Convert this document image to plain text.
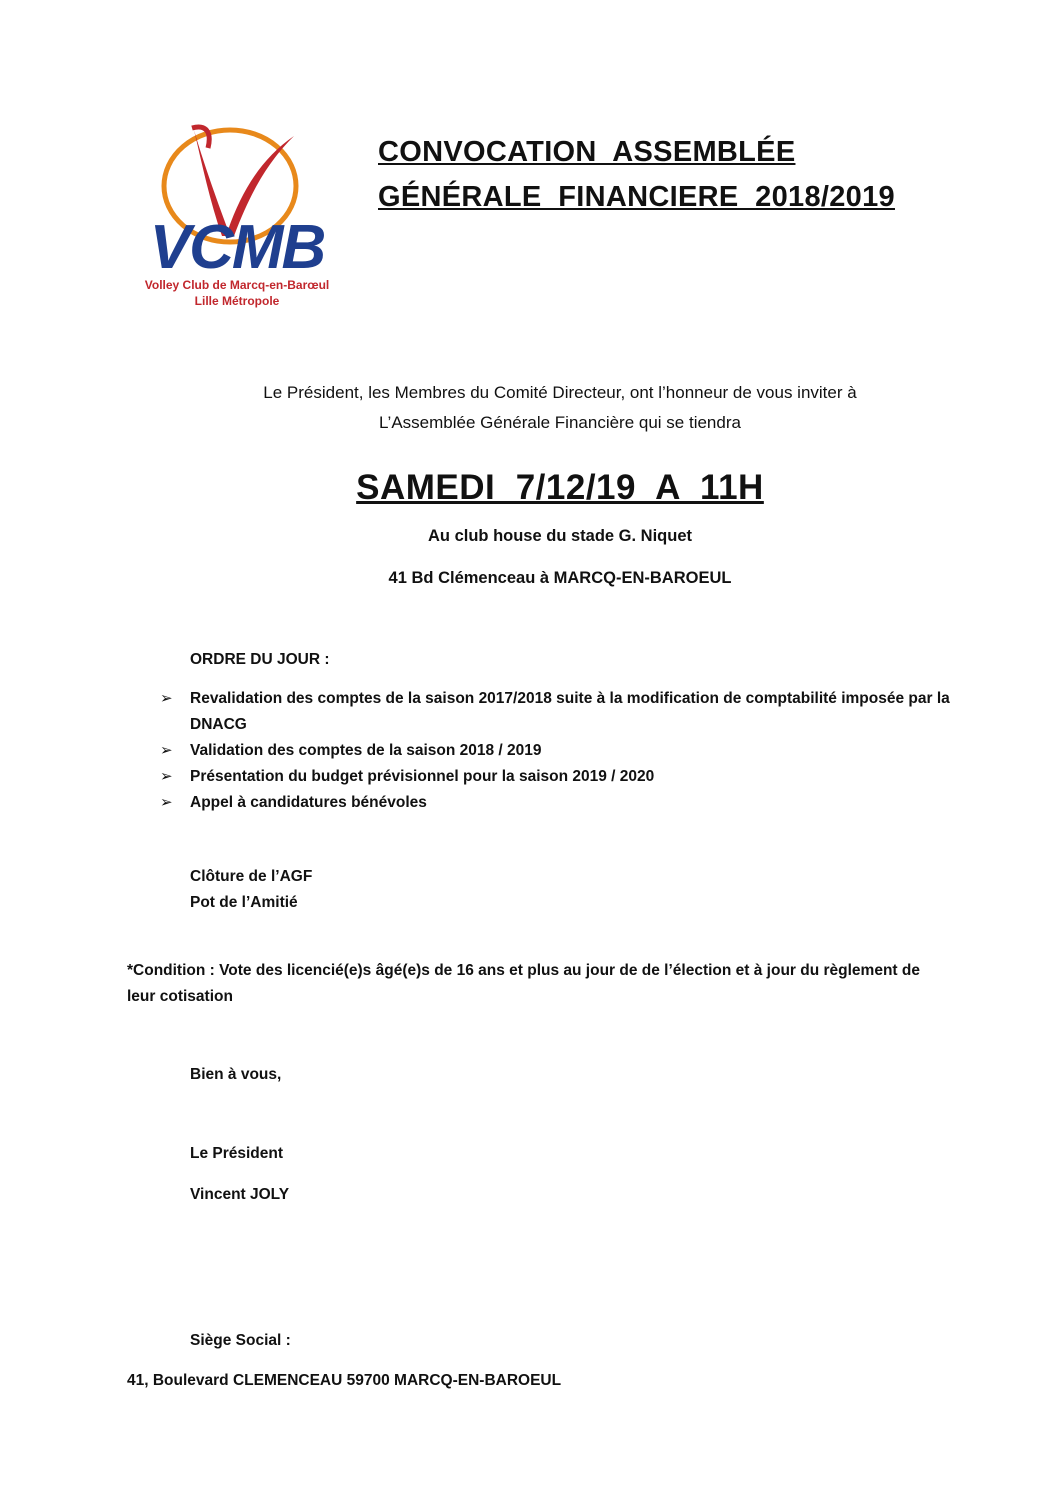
VCMB
Volley Club de Marcq-en-Barœul
Lille Métropole
CONVOCATION  ASSEMBLÉE
GÉNÉRALE  FINANCIERE  2018/2019
Le Président, les Membres du Comité Directeur, ont l’honneur de vous inviter à
L’Assemblée Générale Financière qui se tiendra
SAMEDI  7/12/19  A  11H
Au club house du stade G. Niquet
41 Bd Clémenceau à MARCQ-EN-BAROEUL
ORDRE DU JOUR :
➢ Revalidation des comptes de la saison 2017/2018 suite à la modification de comptabilité imposée par la DNACG
➢ Validation des comptes de la saison 2018 / 2019
➢ Présentation du budget prévisionnel pour la saison 2019 / 2020
➢ Appel à candidatures bénévoles
Clôture de l’AGF
Pot de l’Amitié
*Condition : Vote des licencié(e)s âgé(e)s de 16 ans et plus au jour de de l’élection et à jour du règlement de leur cotisation
Bien à vous,
Le Président
Vincent JOLY
Siège Social :
41, Boulevard CLEMENCEAU 59700 MARCQ-EN-BAROEUL
